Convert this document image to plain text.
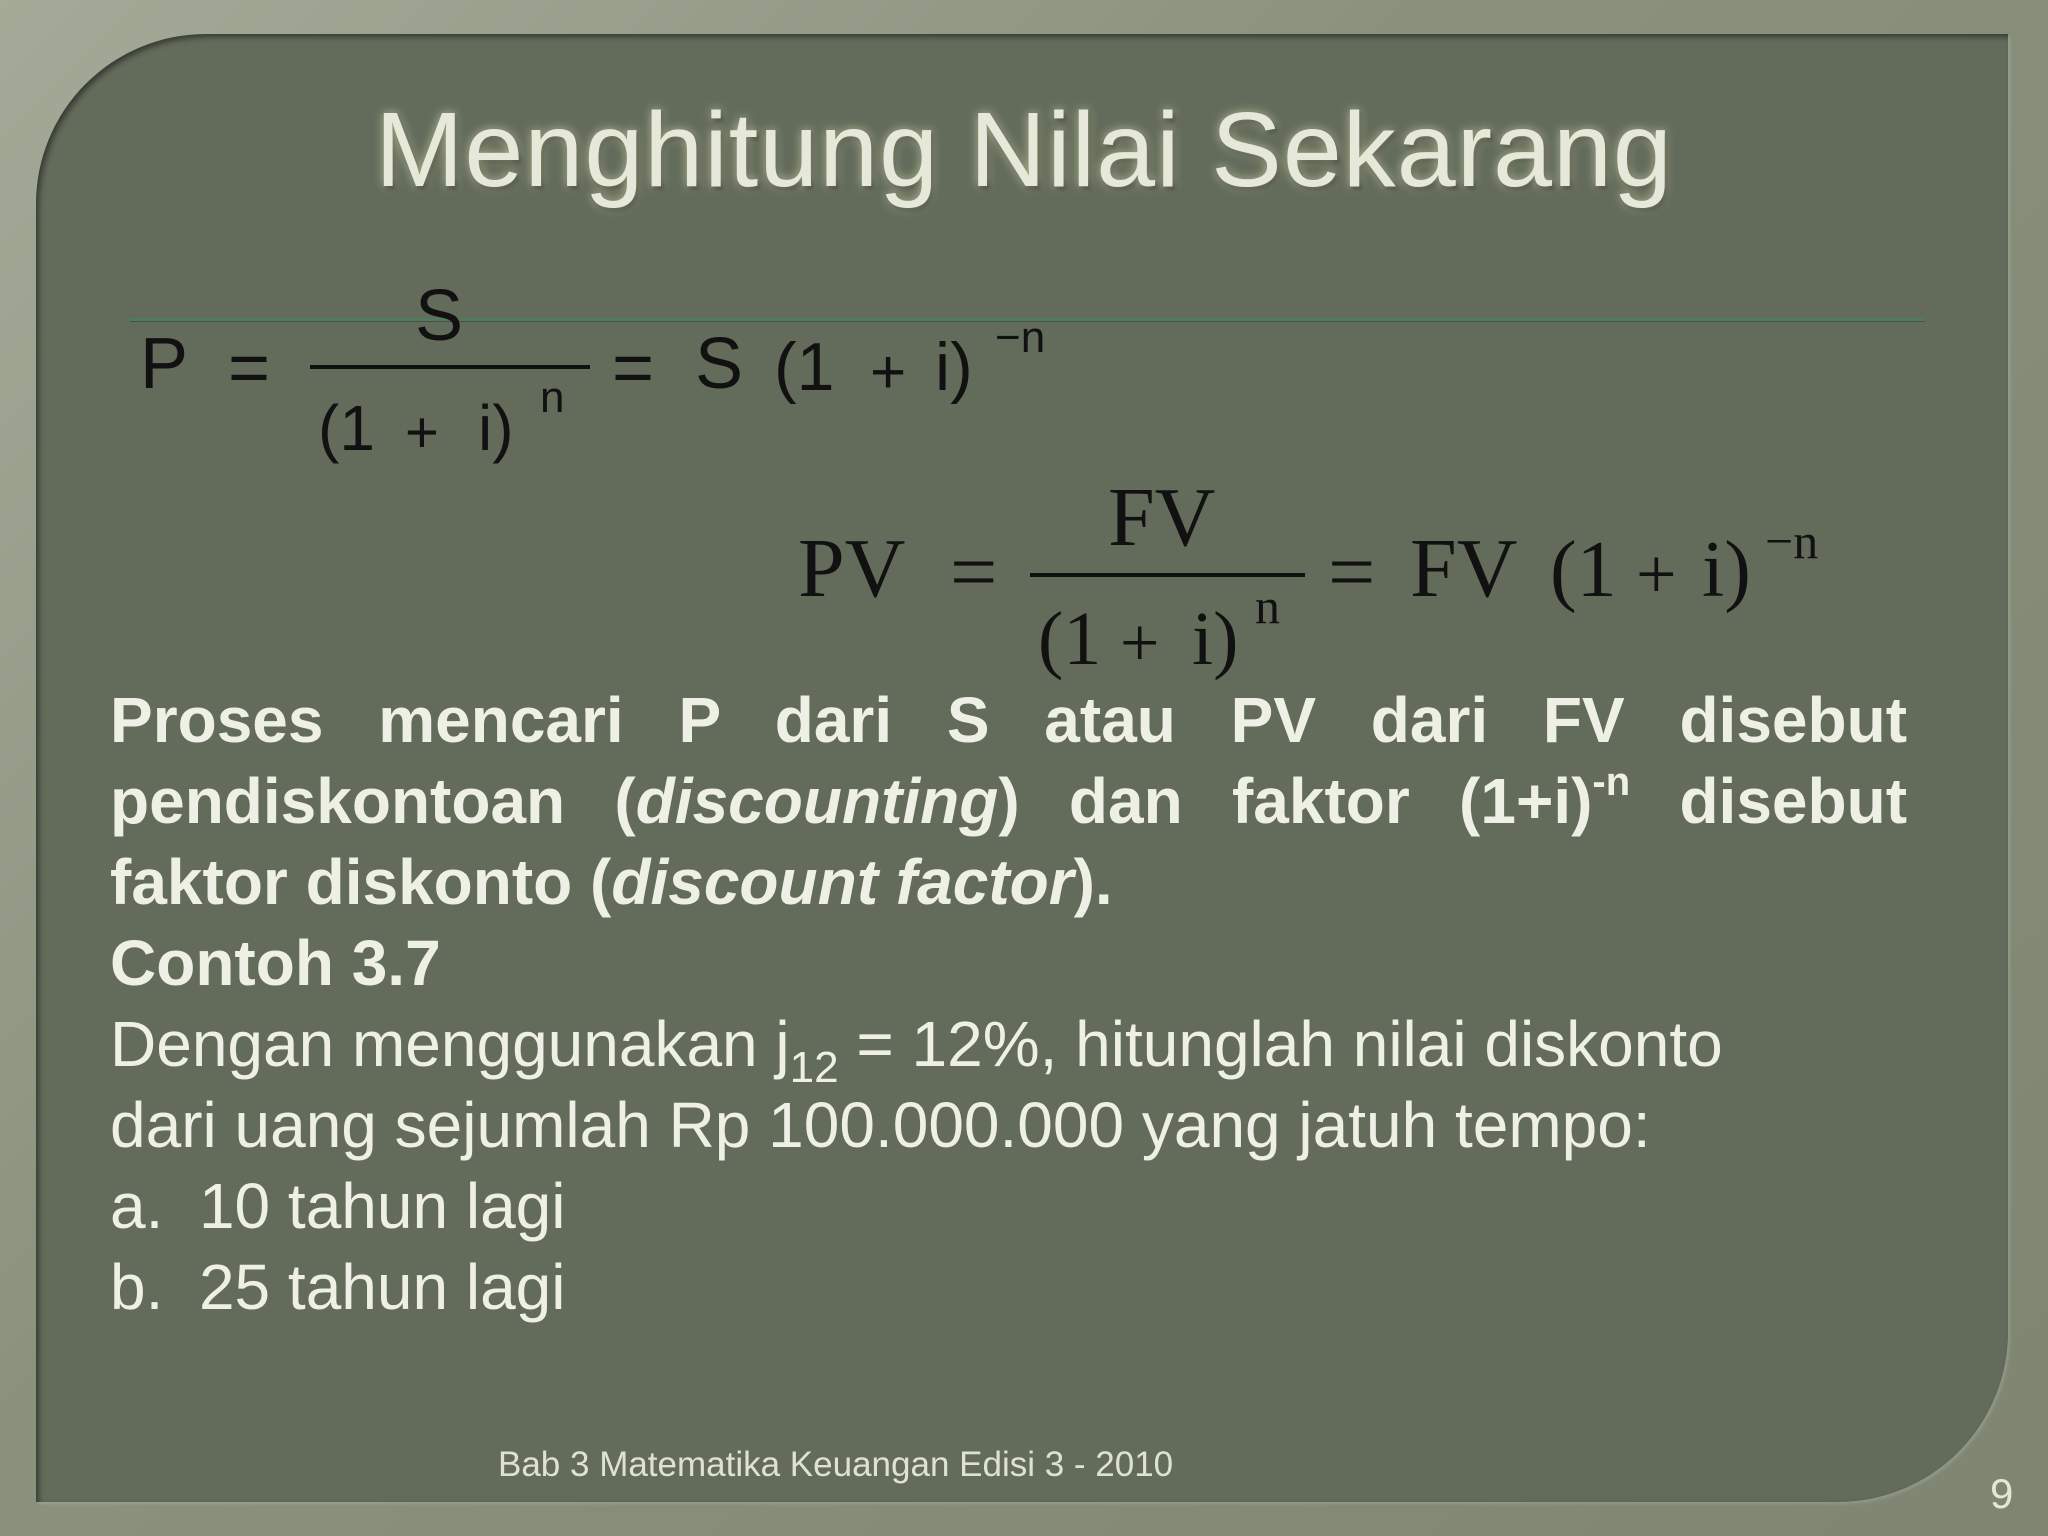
Menghitung Nilai Sekarang
P =
S
(1 + i) n = S (1 + i) −n
PV =
FV
(1 + i) n = FV (1 + i) −n
Proses mencari P dari S atau PV dari FV disebut
pendiskontoan (discounting) dan faktor $(1+i)^{-n}$ disebut
faktor diskonto (discount factor).
Contoh 3.7
Dengan menggunakan $j_{12} = 12\%$, hitunglah nilai diskonto
dari uang sejumlah Rp 100.000.000 yang jatuh tempo:
a. 10 tahun lagi
b. 25 tahun lagi
Bab 3 Matematika Keuangan Edisi 3 - 2010
9
